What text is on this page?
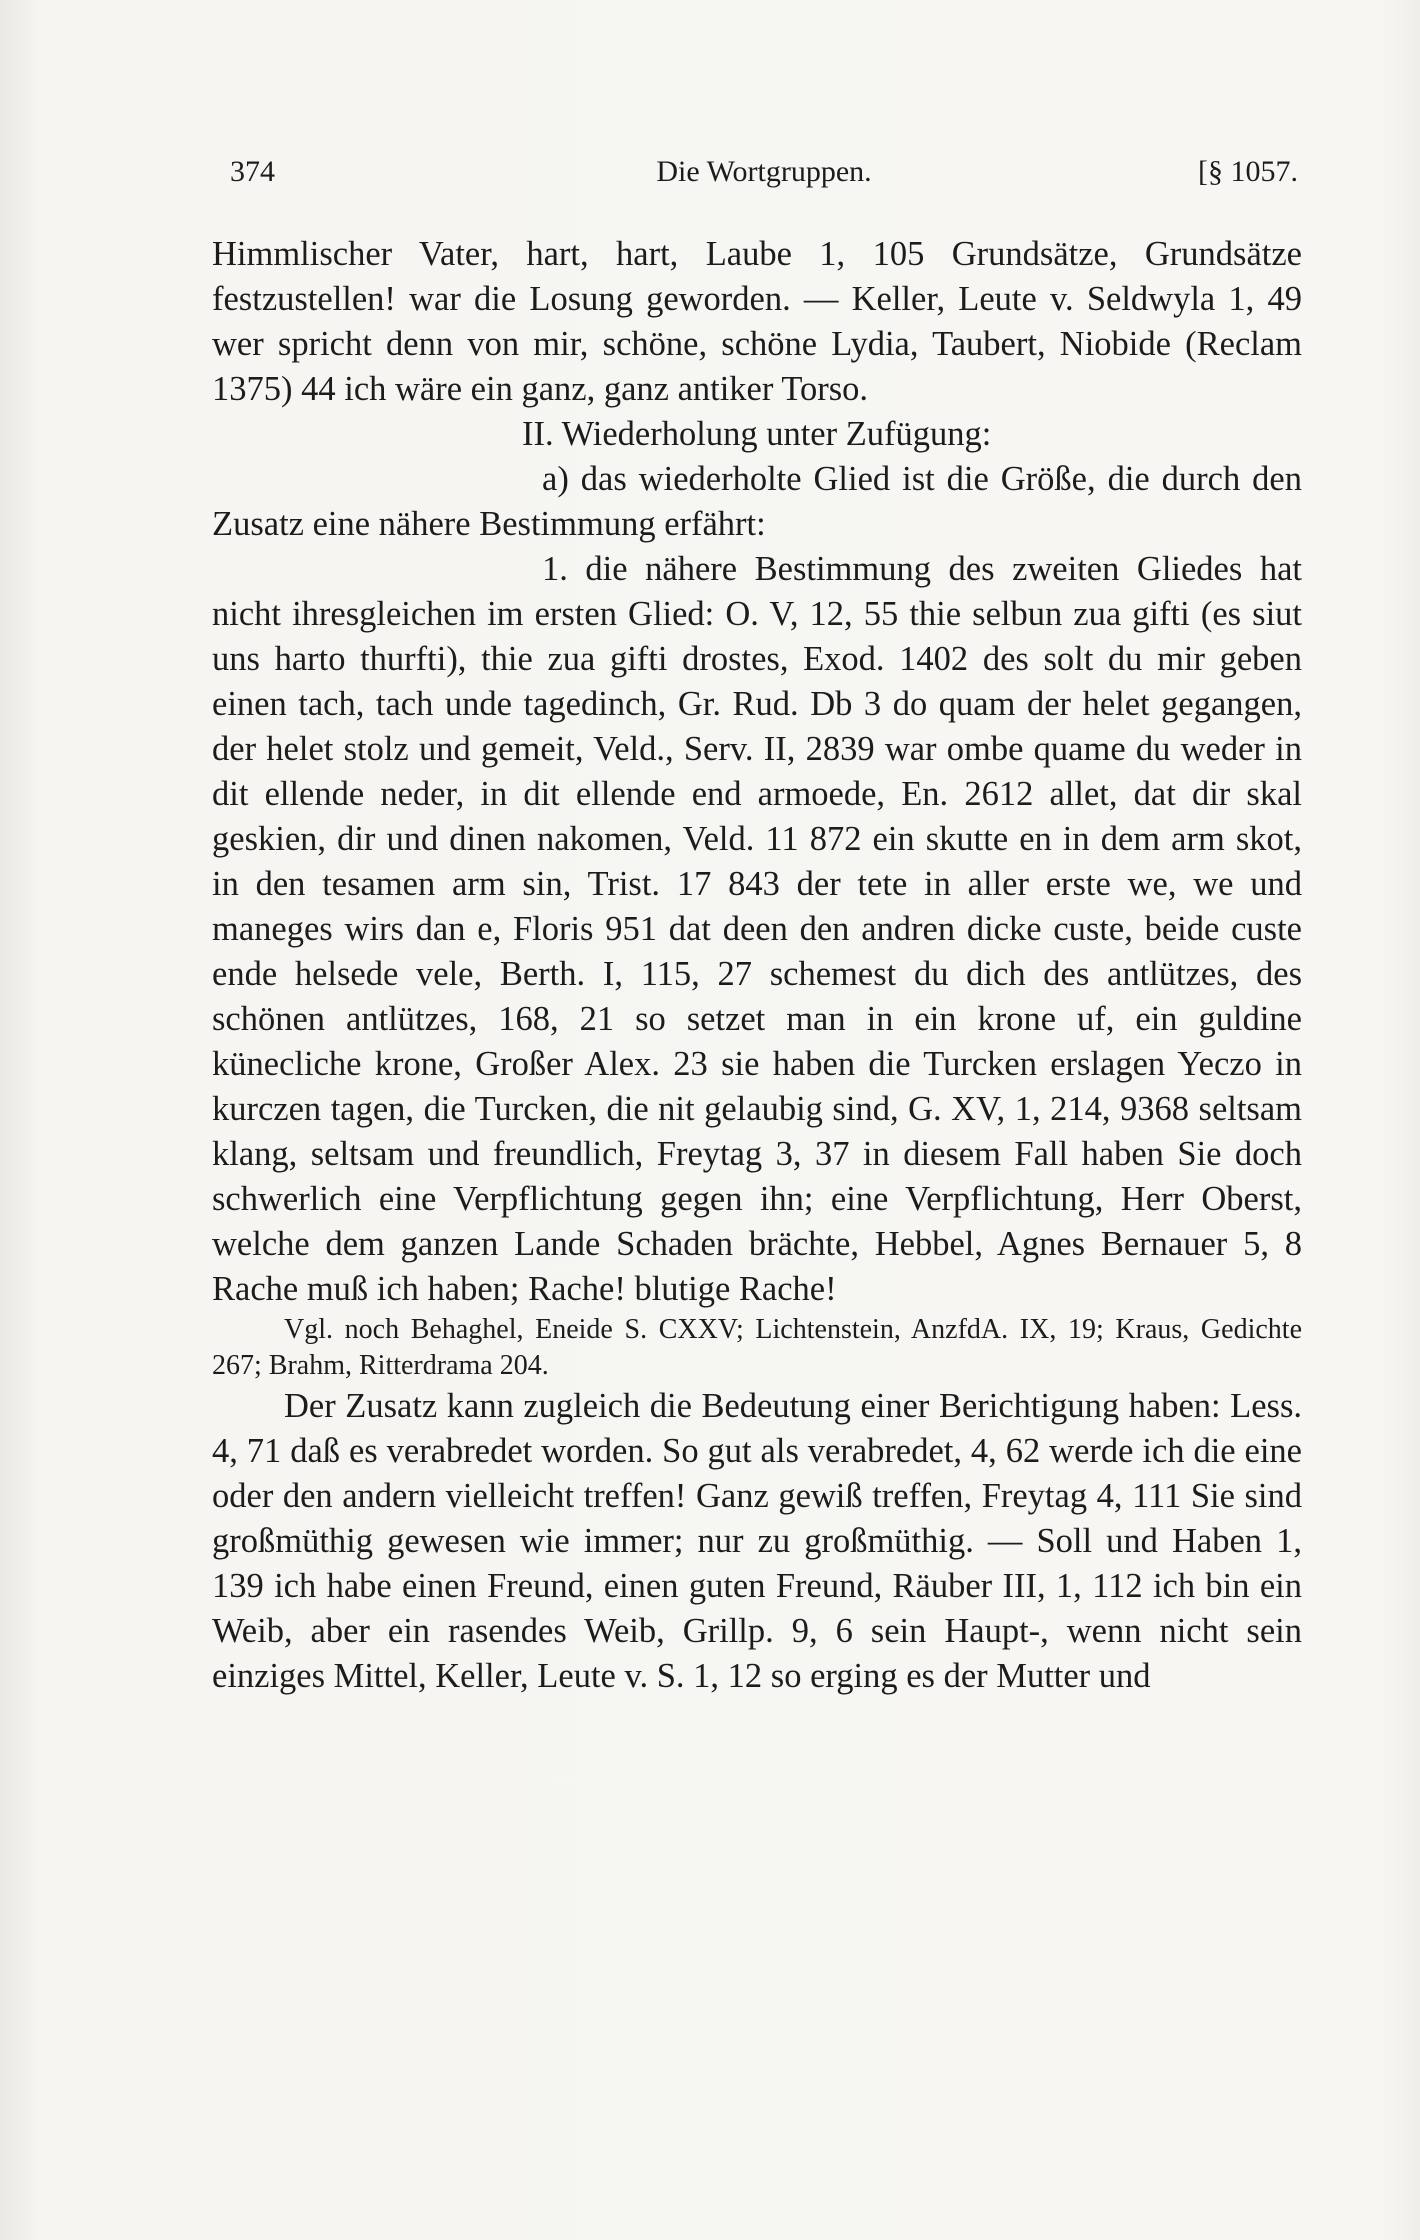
374	Die Wortgruppen.	[§ 1057.

Himmlischer Vater, hart, hart, Laube 1, 105 Grundsätze, Grundsätze festzustellen! war die Losung geworden. — Keller, Leute v. Seldwyla 1, 49 wer spricht denn von mir, schöne, schöne Lydia, Taubert, Niobide (Reclam 1375) 44 ich wäre ein ganz, ganz antiker Torso.

II. Wiederholung unter Zufügung:

a) das wiederholte Glied ist die Größe, die durch den Zusatz eine nähere Bestimmung erfährt:

1. die nähere Bestimmung des zweiten Gliedes hat nicht ihresgleichen im ersten Glied: O. V, 12, 55 thie selbun zua gifti (es siut uns harto thurfti), thie zua gifti drostes, Exod. 1402 des solt du mir geben einen tach, tach unde tagedinch, Gr. Rud. Db 3 do quam der helet gegangen, der helet stolz und gemeit, Veld., Serv. II, 2839 war ombe quame du weder in dit ellende neder, in dit ellende end armoede, En. 2612 allet, dat dir skal geskien, dir und dinen nakomen, Veld. 11 872 ein skutte en in dem arm skot, in den tesamen arm sin, Trist. 17 843 der tete in aller erste we, we und maneges wirs dan e, Floris 951 dat deen den andren dicke custe, beide custe ende helsede vele, Berth. I, 115, 27 schemest du dich des antlützes, des schönen antlützes, 168, 21 so setzet man in ein krone uf, ein guldine künecliche krone, Großer Alex. 23 sie haben die Turcken erslagen Yeczo in kurczen tagen, die Turcken, die nit gelaubig sind, G. XV, 1, 214, 9368 seltsam klang, seltsam und freundlich, Freytag 3, 37 in diesem Fall haben Sie doch schwerlich eine Verpflichtung gegen ihn; eine Verpflichtung, Herr Oberst, welche dem ganzen Lande Schaden brächte, Hebbel, Agnes Bernauer 5, 8 Rache muß ich haben; Rache! blutige Rache!

Vgl. noch Behaghel, Eneide S. CXXV; Lichtenstein, AnzfdA. IX, 19; Kraus, Gedichte 267; Brahm, Ritterdrama 204.

Der Zusatz kann zugleich die Bedeutung einer Berichtigung haben: Less. 4, 71 daß es verabredet worden. So gut als verabredet, 4, 62 werde ich die eine oder den andern vielleicht treffen! Ganz gewiß treffen, Freytag 4, 111 Sie sind großmüthig gewesen wie immer; nur zu großmüthig. — Soll und Haben 1, 139 ich habe einen Freund, einen guten Freund, Räuber III, 1, 112 ich bin ein Weib, aber ein rasendes Weib, Grillp. 9, 6 sein Haupt-, wenn nicht sein einziges Mittel, Keller, Leute v. S. 1, 12 so erging es der Mutter und
